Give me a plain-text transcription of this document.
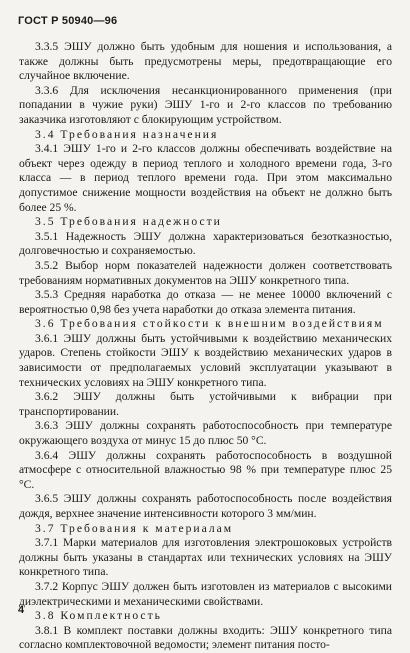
ГОСТ Р 50940—96

3.3.5 ЭШУ должно быть удобным для ношения и использования, а также должны быть предусмотрены меры, предотвращающие его случайное включение.

3.3.6 Для исключения несанкционированного применения (при попадании в чужие руки) ЭШУ 1-го и 2-го классов по требованию заказчика изготовляют с блокирующим устройством.

3.4 Требования назначения

3.4.1 ЭШУ 1-го и 2-го классов должны обеспечивать воздействие на объект через одежду в период теплого и холодного времени года, 3-го класса — в период теплого времени года. При этом максимально допустимое снижение мощности воздействия на объект не должно быть более 25 %.

3.5 Требования надежности

3.5.1 Надежность ЭШУ должна характеризоваться безотказностью, долговечностью и сохраняемостью.

3.5.2 Выбор норм показателей надежности должен соответствовать требованиям нормативных документов на ЭШУ конкретного типа.

3.5.3 Средняя наработка до отказа — не менее 10000 включений с вероятностью 0,98 без учета наработки до отказа элемента питания.

3.6 Требования стойкости к внешним воздействиям

3.6.1 ЭШУ должны быть устойчивыми к воздействию механических ударов. Степень стойкости ЭШУ к воздействию механических ударов в зависимости от предполагаемых условий эксплуатации указывают в технических условиях на ЭШУ конкретного типа.

3.6.2 ЭШУ должны быть устойчивыми к вибрации при транспортировании.

3.6.3 ЭШУ должны сохранять работоспособность при температуре окружающего воздуха от минус 15 до плюс 50 °С.

3.6.4 ЭШУ должны сохранять работоспособность в воздушной атмосфере с относительной влажностью 98 % при температуре плюс 25 °С.

3.6.5 ЭШУ должны сохранять работоспособность после воздействия дождя, верхнее значение интенсивности которого 3 мм/мин.

3.7 Требования к материалам

3.7.1 Марки материалов для изготовления электрошоковых устройств должны быть указаны в стандартах или технических условиях на ЭШУ конкретного типа.

3.7.2 Корпус ЭШУ должен быть изготовлен из материалов с высокими диэлектрическими и механическими свойствами.

3.8 Комплектность

3.8.1 В комплект поставки должны входить: ЭШУ конкретного типа согласно комплектовочной ведомости; элемент питания посто-

4
